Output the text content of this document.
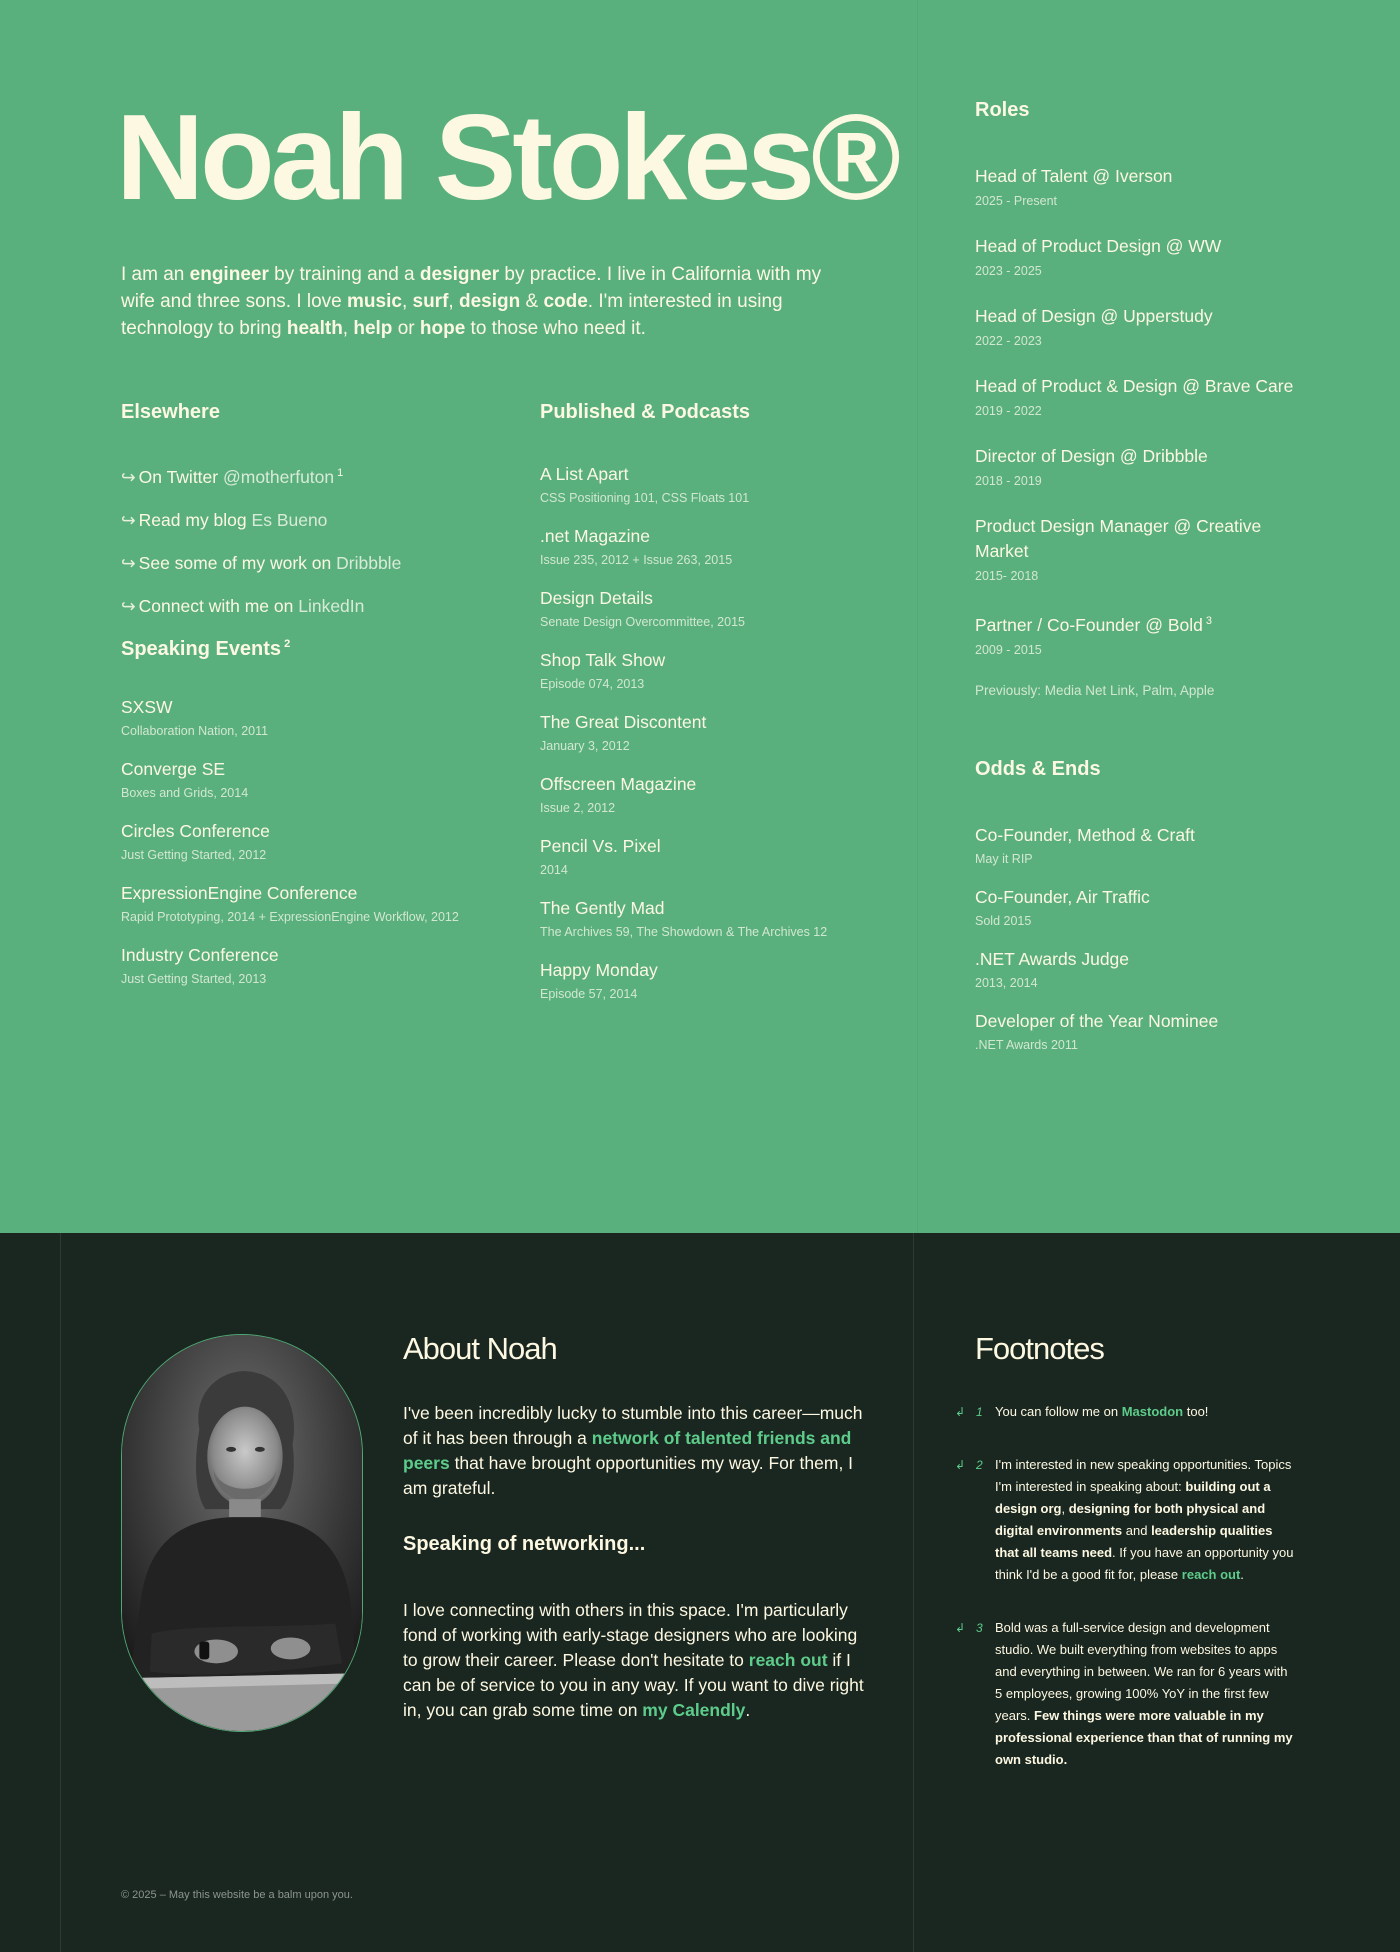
Noah Stokes®

I am an engineer by training and a designer by practice. I live in California with my wife and three sons. I love music, surf, design & code. I'm interested in using technology to bring health, help or hope to those who need it.

Elsewhere
↪ On Twitter @motherfuton $^1$
↪ Read my blog Es Bueno
↪ See some of my work on Dribbble
↪ Connect with me on LinkedIn
Speaking Events $^2$
SXSW
Collaboration Nation, 2011
Converge SE
Boxes and Grids, 2014
Circles Conference
Just Getting Started, 2012
ExpressionEngine Conference
Rapid Prototyping, 2014 + ExpressionEngine Workflow, 2012
Industry Conference
Just Getting Started, 2013
Published & Podcasts
A List Apart
CSS Positioning 101, CSS Floats 101
.net Magazine
Issue 235, 2012 + Issue 263, 2015
Design Details
Senate Design Overcommittee, 2015
Shop Talk Show
Episode 074, 2013
The Great Discontent
January 3, 2012
Offscreen Magazine
Issue 2, 2012
Pencil Vs. Pixel
2014
The Gently Mad
The Archives 59, The Showdown & The Archives 12
Happy Monday
Episode 57, 2014
Roles
Head of Talent @ Iverson
2025 - Present
Head of Product Design @ WW
2023 - 2025
Head of Design @ Upperstudy
2022 - 2023
Head of Product & Design @ Brave Care
2019 - 2022
Director of Design @ Dribbble
2018 - 2019
Product Design Manager @ Creative Market
2015- 2018
Partner / Co-Founder @ Bold $^3$
2009 - 2015
Previously: Media Net Link, Palm, Apple
Odds & Ends
Co-Founder, Method & Craft
May it RIP
Co-Founder, Air Traffic
Sold 2015
.NET Awards Judge
2013, 2014
Developer of the Year Nominee
.NET Awards 2011
About Noah

I've been incredibly lucky to stumble into this career—much of it has been through a network of talented friends and peers that have brought opportunities my way. For them, I am grateful.

Speaking of networking...

I love connecting with others in this space. I'm particularly fond of working with early-stage designers who are looking to grow their career. Please don't hesitate to reach out if I can be of service to you in any way. If you want to dive right in, you can grab some time on my Calendly.

© 2025 – May this website be a balm upon you.
Footnotes
↲ 1 You can follow me on Mastodon too!
↲ 2 I'm interested in new speaking opportunities. Topics I'm interested in speaking about: building out a design org, designing for both physical and digital environments and leadership qualities that all teams need. If you have an opportunity you think I'd be a good fit for, please reach out.
↲ 3 Bold was a full-service design and development studio. We built everything from websites to apps and everything in between. We ran for 6 years with 5 employees, growing 100% YoY in the first few years. Few things were more valuable in my professional experience than that of running my own studio.
